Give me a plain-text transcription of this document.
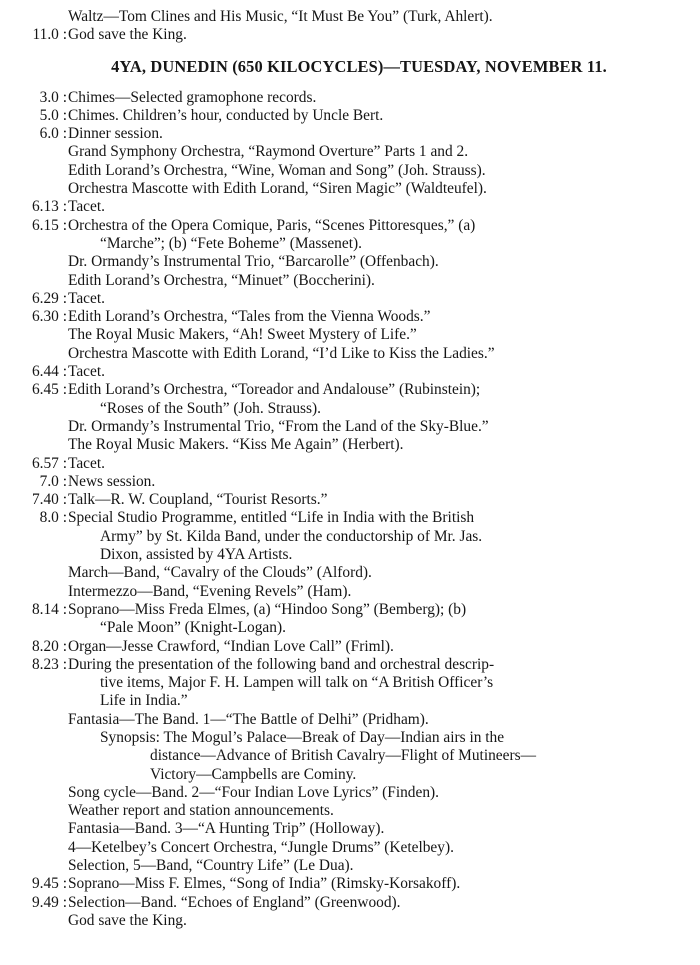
Waltz—Tom Clines and His Music, “It Must Be You” (Turk, Ahlert).
11.0 : God save the King.
4YA, DUNEDIN (650 KILOCYCLES)—TUESDAY, NOVEMBER 11.
3.0 : Chimes—Selected gramophone records.
5.0 : Chimes. Children’s hour, conducted by Uncle Bert.
6.0 : Dinner session.
Grand Symphony Orchestra, “Raymond Overture” Parts 1 and 2.
Edith Lorand’s Orchestra, “Wine, Woman and Song” (Joh. Strauss).
Orchestra Mascotte with Edith Lorand, “Siren Magic” (Waldteufel).
6.13 : Tacet.
6.15 : Orchestra of the Opera Comique, Paris, “Scenes Pittoresques,” (a)
“Marche”; (b) “Fete Boheme” (Massenet).
Dr. Ormandy’s Instrumental Trio, “Barcarolle” (Offenbach).
Edith Lorand’s Orchestra, “Minuet” (Boccherini).
6.29 : Tacet.
6.30 : Edith Lorand’s Orchestra, “Tales from the Vienna Woods.”
The Royal Music Makers, “Ah! Sweet Mystery of Life.”
Orchestra Mascotte with Edith Lorand, “I’d Like to Kiss the Ladies.”
6.44 : Tacet.
6.45 : Edith Lorand’s Orchestra, “Toreador and Andalouse” (Rubinstein);
“Roses of the South” (Joh. Strauss).
Dr. Ormandy’s Instrumental Trio, “From the Land of the Sky-Blue.”
The Royal Music Makers. “Kiss Me Again” (Herbert).
6.57 : Tacet.
7.0 : News session.
7.40 : Talk—R. W. Coupland, “Tourist Resorts.”
8.0 : Special Studio Programme, entitled “Life in India with the British
Army” by St. Kilda Band, under the conductorship of Mr. Jas.
Dixon, assisted by 4YA Artists.
March—Band, “Cavalry of the Clouds” (Alford).
Intermezzo—Band, “Evening Revels” (Ham).
8.14 : Soprano—Miss Freda Elmes, (a) “Hindoo Song” (Bemberg); (b)
“Pale Moon” (Knight-Logan).
8.20 : Organ—Jesse Crawford, “Indian Love Call” (Friml).
8.23 : During the presentation of the following band and orchestral descrip-
tive items, Major F. H. Lampen will talk on “A British Officer’s
Life in India.”
Fantasia—The Band. 1—“The Battle of Delhi” (Pridham).
Synopsis: The Mogul’s Palace—Break of Day—Indian airs in the
distance—Advance of British Cavalry—Flight of Mutineers—
Victory—Campbells are Cominy.
Song cycle—Band. 2—“Four Indian Love Lyrics” (Finden).
Weather report and station announcements.
Fantasia—Band. 3—“A Hunting Trip” (Holloway).
4—Ketelbey’s Concert Orchestra, “Jungle Drums” (Ketelbey).
Selection, 5—Band, “Country Life” (Le Dua).
9.45 : Soprano—Miss F. Elmes, “Song of India” (Rimsky-Korsakoff).
9.49 : Selection—Band. “Echoes of England” (Greenwood).
God save the King.
